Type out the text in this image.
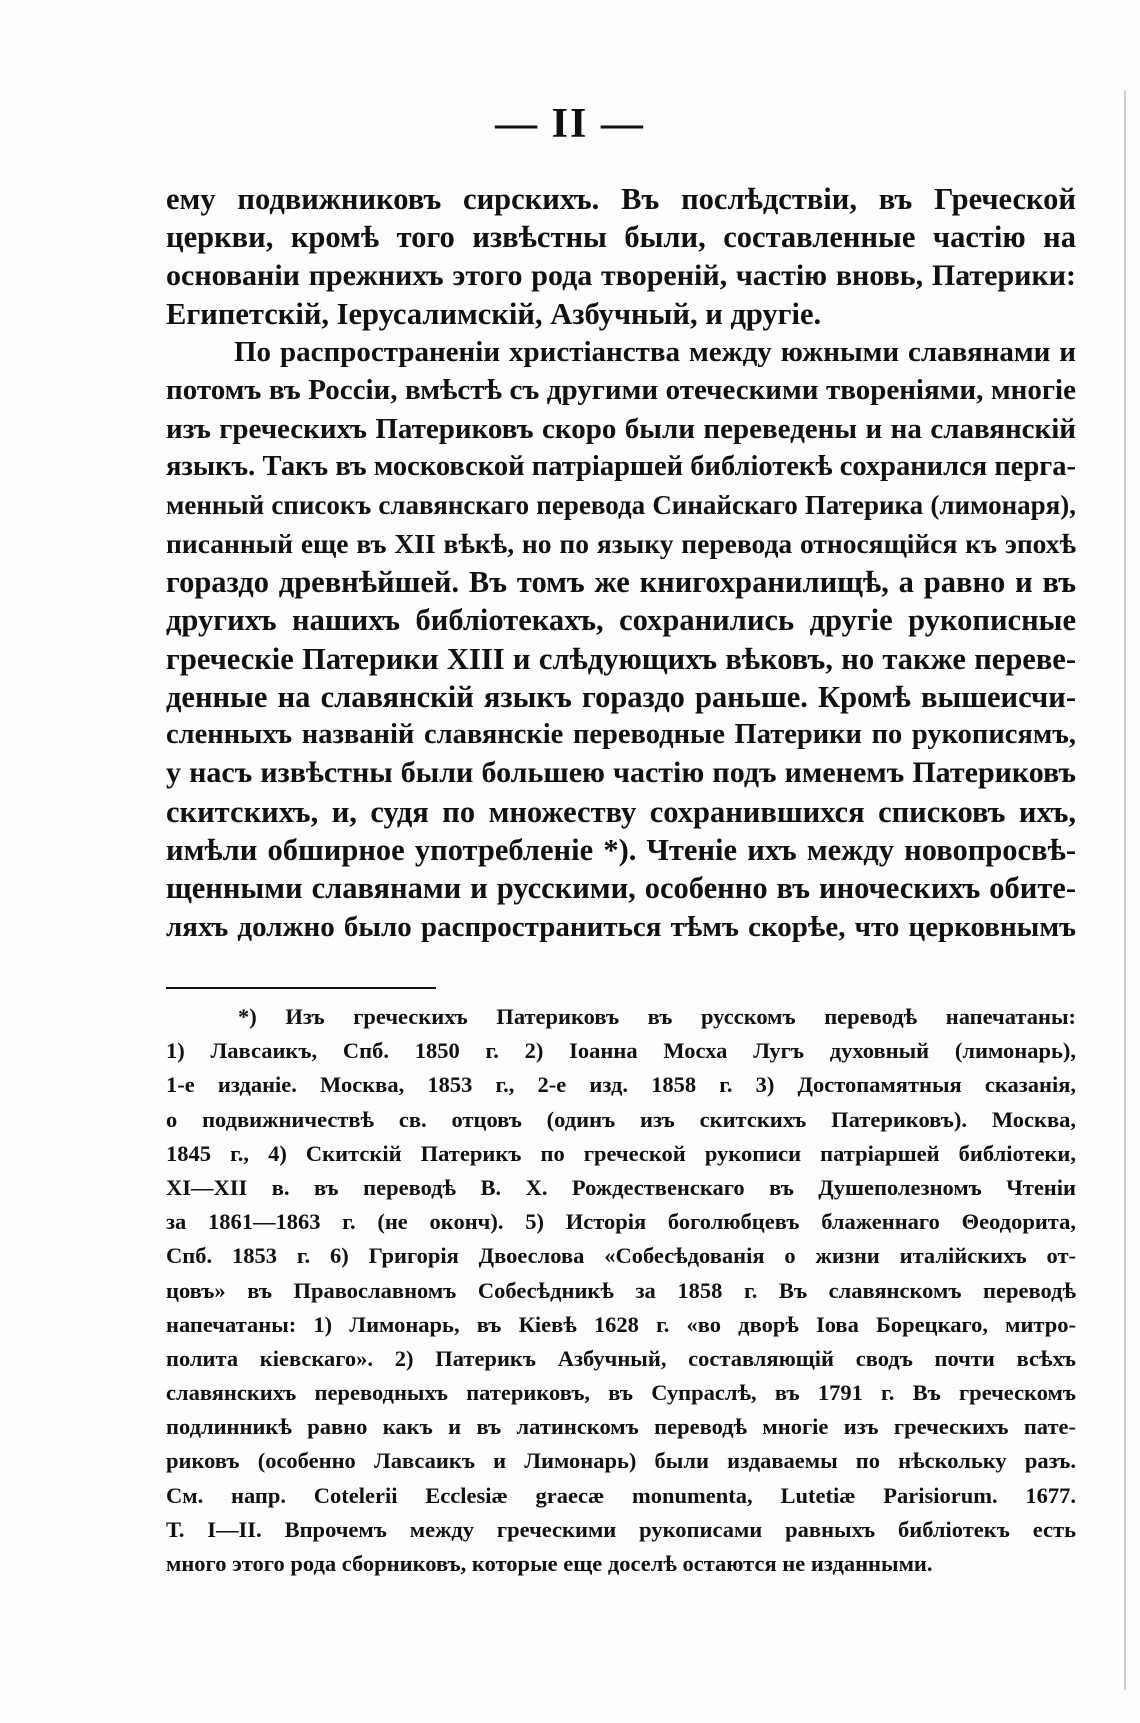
— II —
ему подвижниковъ сирскихъ. Въ послѣдствiи, въ Греческой
церкви, кромѣ того извѣстны были, составленные частiю на
основанiи прежнихъ этого рода творенiй, частiю вновь, Патерики:
Египетскiй, Iерусалимскiй, Азбучный, и другiе.
По распространенiи христiанства между южными славянами и
потомъ въ Россiи, вмѣстѣ съ другими отеческими творенiями, многiе
изъ греческихъ Патериковъ скоро были переведены и на славянскiй
языкъ. Такъ въ московской патрiаршей библiотекѣ сохранился перга-
менный списокъ славянскаго перевода Синайскаго Патерика (лимонаря),
писанный еще въ XII вѣкѣ, но по языку перевода относящiйся къ эпохѣ
гораздо древнѣйшей. Въ томъ же книгохранилищѣ, а равно и въ
другихъ нашихъ библiотекахъ, сохранились другiе рукописные
греческiе Патерики XIII и слѣдующихъ вѣковъ, но также переве-
денные на славянскiй языкъ гораздо раньше. Кромѣ вышеисчи-
сленныхъ названiй славянскiе переводные Патерики по рукописямъ,
у насъ извѣстны были большею частiю подъ именемъ Патериковъ
скитскихъ, и, судя по множеству сохранившихся списковъ ихъ,
имѣли обширное употребленiе *). Чтенiе ихъ между новопросвѣ-
щенными славянами и русскими, особенно въ иноческихъ обите-
ляхъ должно было распространиться тѣмъ скорѣе, что церковнымъ
*) Изъ греческихъ Патериковъ въ русскомъ переводѣ напечатаны:
1) Лавсаикъ, Спб. 1850 г. 2) Iоанна Мосха Лугъ духовный (лимонарь),
1-е изданiе. Москва, 1853 г., 2-е изд. 1858 г. 3) Достопамятныя сказанiя,
о подвижничествѣ св. отцовъ (одинъ изъ скитскихъ Патериковъ). Москва,
1845 г., 4) Скитскiй Патерикъ по греческой рукописи патрiаршей библiотеки,
XI—XII в. въ переводѣ В. Х. Рождественскаго въ Душеполезномъ Чтенiи
за 1861—1863 г. (не оконч). 5) Исторiя боголюбцевъ блаженнаго Θеодорита,
Спб. 1853 г. 6) Григорiя Двоеслова «Собесѣдованiя о жизни италiйскихъ от-
цовъ» въ Православномъ Собесѣдникѣ за 1858 г. Въ славянскомъ переводѣ
напечатаны: 1) Лимонарь, въ Кiевѣ 1628 г. «во дворѣ Iова Борецкаго, митро-
полита кiевскаго». 2) Патерикъ Азбучный, составляющiй сводъ почти всѣхъ
славянскихъ переводныхъ патериковъ, въ Супраслѣ, въ 1791 г. Въ греческомъ
подлинникѣ равно какъ и въ латинскомъ переводѣ многiе изъ греческихъ пате-
риковъ (особенно Лавсаикъ и Лимонарь) были издаваемы по нѣскольку разъ.
См. напр. Cotelerii Ecclesiæ graecæ monumenta, Lutetiæ Parisiorum. 1677.
Т. I—II. Впрочемъ между греческими рукописами равныхъ библiотекъ есть
много этого рода сборниковъ, которые еще доселѣ остаются не изданными.
